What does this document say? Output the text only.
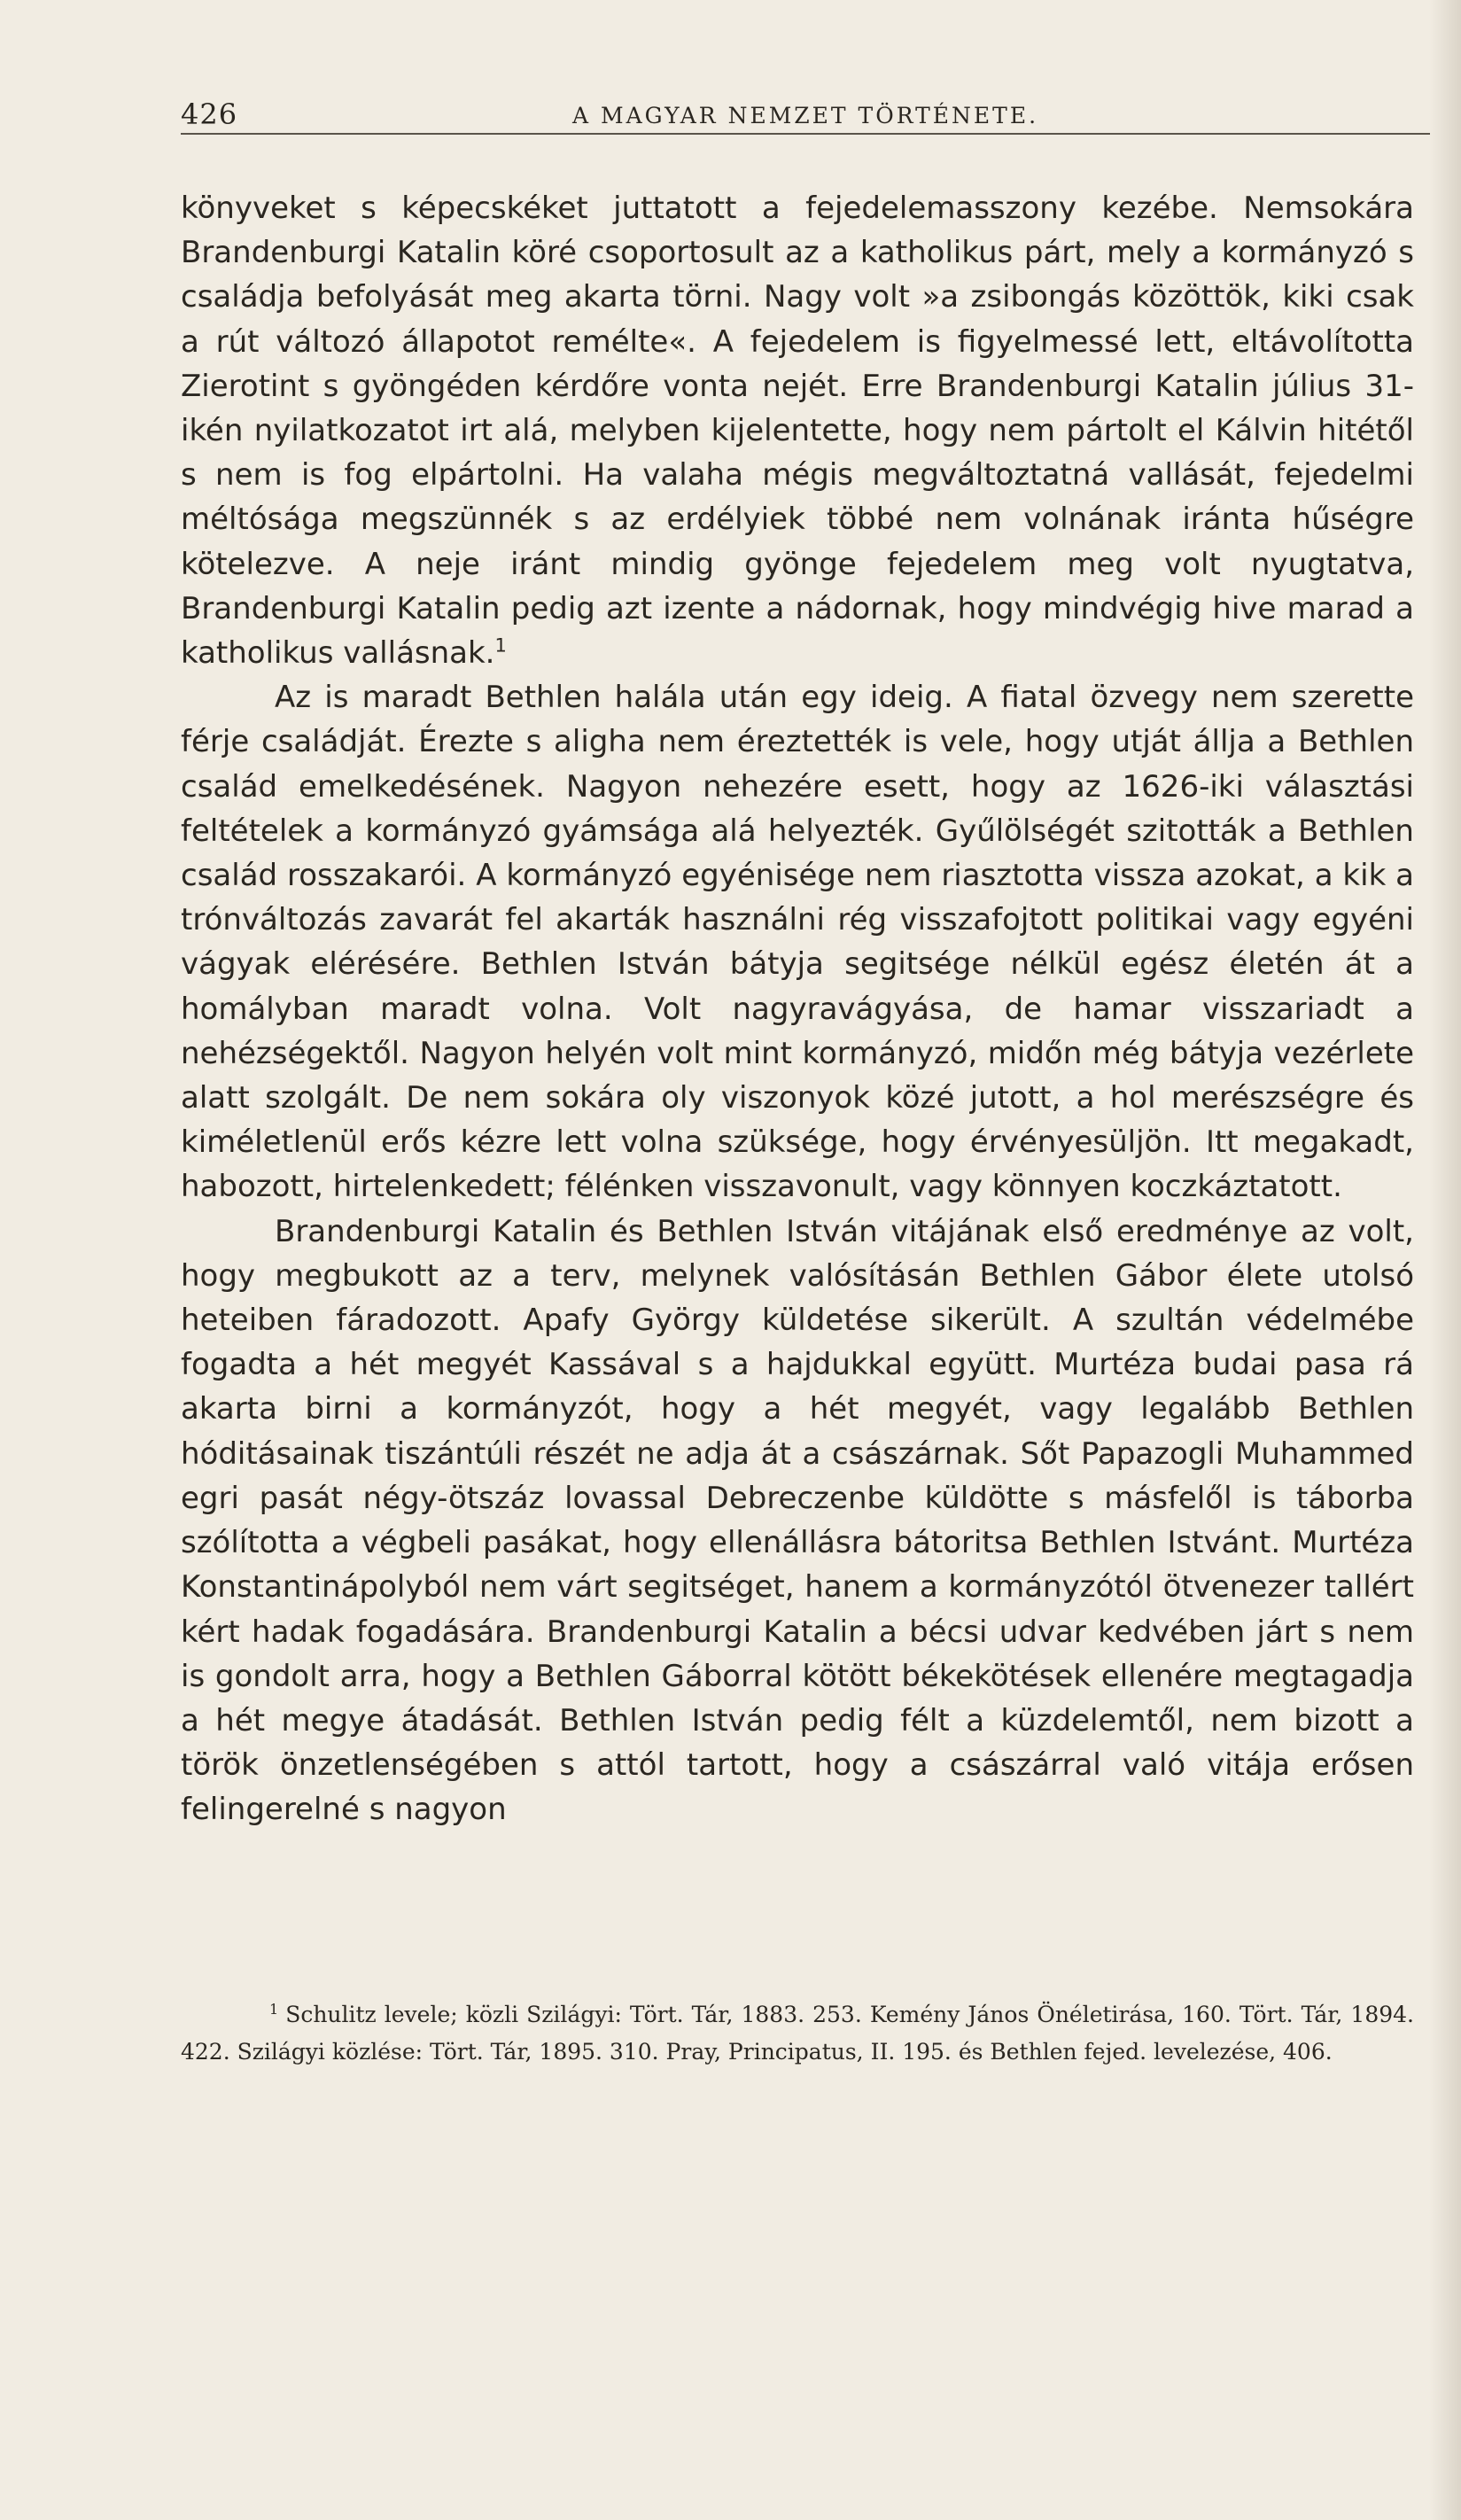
426	A MAGYAR NEMZET TÖRTÉNETE.

könyveket s képecskéket juttatott a fejedelemasszony kezébe. Nemsokára Brandenburgi Katalin köré csoportosult az a katholikus párt, mely a kormányzó s családja befolyását meg akarta törni. Nagy volt »a zsibongás közöttök, kiki csak a rút változó állapotot remélte«. A fejedelem is figyelmessé lett, eltávolította Zierotint s gyöngéden kérdőre vonta nejét. Erre Brandenburgi Katalin július 31-ikén nyilatkozatot irt alá, melyben kijelentette, hogy nem pártolt el Kálvin hitétől s nem is fog elpártolni. Ha valaha mégis megváltoztatná vallását, fejedelmi méltósága megszünnék s az erdélyiek többé nem volnának iránta hűségre kötelezve. A neje iránt mindig gyönge fejedelem meg volt nyugtatva, Brandenburgi Katalin pedig azt izente a nádornak, hogy mindvégig hive marad a katholikus vallásnak.$^1$

Az is maradt Bethlen halála után egy ideig. A fiatal özvegy nem szerette férje családját. Érezte s aligha nem éreztették is vele, hogy utját állja a Bethlen család emelkedésének. Nagyon nehezére esett, hogy az 1626-iki választási feltételek a kormányzó gyámsága alá helyezték. Gyűlölségét szitották a Bethlen család rosszakarói. A kormányzó egyénisége nem riasztotta vissza azokat, a kik a trónváltozás zavarát fel akarták használni rég visszafojtott politikai vagy egyéni vágyak elérésére. Bethlen István bátyja segitsége nélkül egész életén át a homályban maradt volna. Volt nagyravágyása, de hamar visszariadt a nehézségektől. Nagyon helyén volt mint kormányzó, midőn még bátyja vezérlete alatt szolgált. De nem sokára oly viszonyok közé jutott, a hol merészségre és kiméletlenül erős kézre lett volna szüksége, hogy érvényesüljön. Itt megakadt, habozott, hirtelenkedett; félénken visszavonult, vagy könnyen koczkáztatott.

Brandenburgi Katalin és Bethlen István vitájának első eredménye az volt, hogy megbukott az a terv, melynek valósításán Bethlen Gábor élete utolsó heteiben fáradozott. Apafy György küldetése sikerült. A szultán védelmébe fogadta a hét megyét Kassával s a hajdukkal együtt. Murtéza budai pasa rá akarta birni a kormányzót, hogy a hét megyét, vagy legalább Bethlen hóditásainak tiszántúli részét ne adja át a császárnak. Sőt Papazogli Muhammed egri pasát négy-ötszáz lovassal Debreczenbe küldötte s másfelől is táborba szólította a végbeli pasákat, hogy ellenállásra bátoritsa Bethlen Istvánt. Murtéza Konstantinápolyból nem várt segitséget, hanem a kormányzótól ötvenezer tallért kért hadak fogadására. Brandenburgi Katalin a bécsi udvar kedvében járt s nem is gondolt arra, hogy a Bethlen Gáborral kötött békekötések ellenére megtagadja a hét megye átadását. Bethlen István pedig félt a küzdelemtől, nem bizott a török önzetlenségében s attól tartott, hogy a császárral való vitája erősen felingerelné s nagyon

$^1$ Schulitz levele; közli Szilágyi: Tört. Tár, 1883. 253. Kemény János Önéletirása, 160. Tört. Tár, 1894. 422. Szilágyi közlése: Tört. Tár, 1895. 310. Pray, Principatus, II. 195. és Bethlen fejed. levelezése, 406.
